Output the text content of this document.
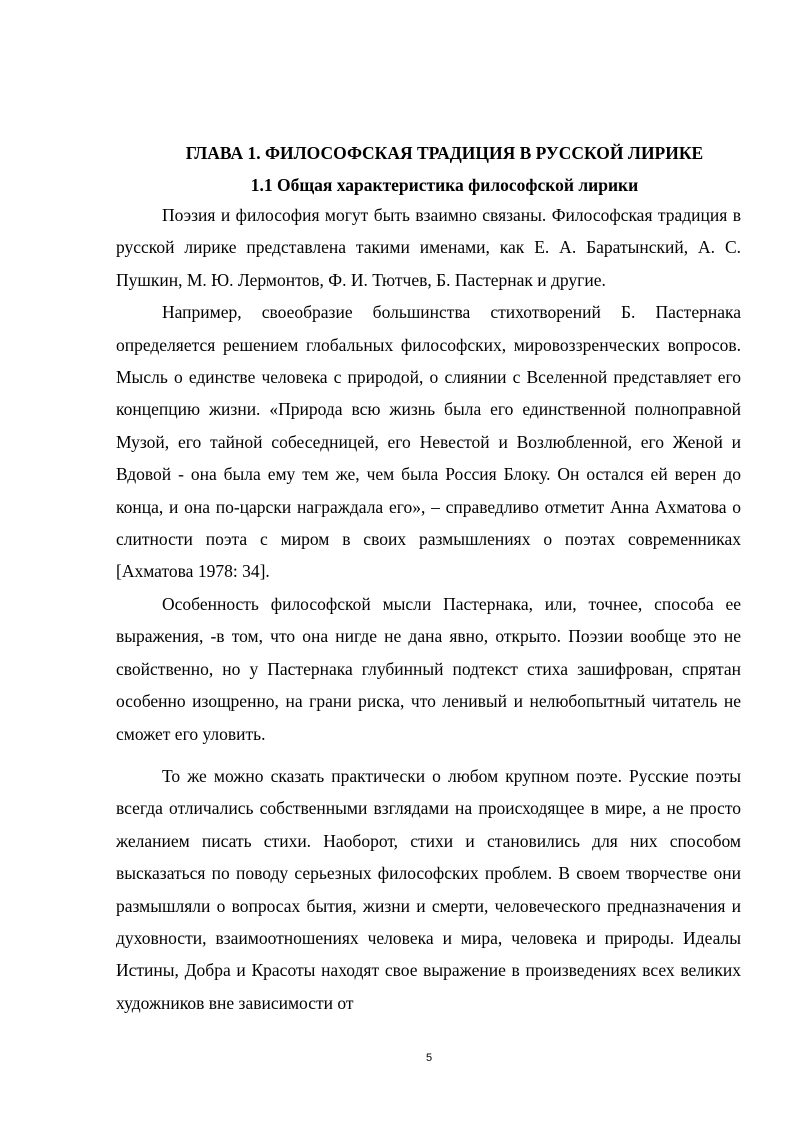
ГЛАВА 1. ФИЛОСОФСКАЯ ТРАДИЦИЯ В РУССКОЙ ЛИРИКЕ
1.1 Общая характеристика философской лирики

Поэзия и философия могут быть взаимно связаны. Философская традиция в русской лирике представлена такими именами, как Е. А. Баратынский, А. С. Пушкин, М. Ю. Лермонтов, Ф. И. Тютчев, Б. Пастернак и другие.

Например, своеобразие большинства стихотворений Б. Пастернака определяется решением глобальных философских, мировоззренческих вопросов. Мысль о единстве человека с природой, о слиянии с Вселенной представляет его концепцию жизни. «Природа всю жизнь была его единственной полноправной Музой, его тайной собеседницей, его Невестой и Возлюбленной, его Женой и Вдовой - она была ему тем же, чем была Россия Блоку. Он остался ей верен до конца, и она по-царски награждала его», – справедливо отметит Анна Ахматова о слитности поэта с миром в своих размышлениях о поэтах современниках [Ахматова 1978: 34].

Особенность философской мысли Пастернака, или, точнее, способа ее выражения, -в том, что она нигде не дана явно, открыто. Поэзии вообще это не свойственно, но у Пастернака глубинный подтекст стиха зашифрован, спрятан особенно изощренно, на грани риска, что ленивый и нелюбопытный читатель не сможет его уловить.

То же можно сказать практически о любом крупном поэте. Русские поэты всегда отличались собственными взглядами на происходящее в мире, а не просто желанием писать стихи. Наоборот, стихи и становились для них способом высказаться по поводу серьезных философских проблем. В своем творчестве они размышляли о вопросах бытия, жизни и смерти, человеческого предназначения и духовности, взаимоотношениях человека и мира, человека и природы. Идеалы Истины, Добра и Красоты находят свое выражение в произведениях всех великих художников вне зависимости от

5
